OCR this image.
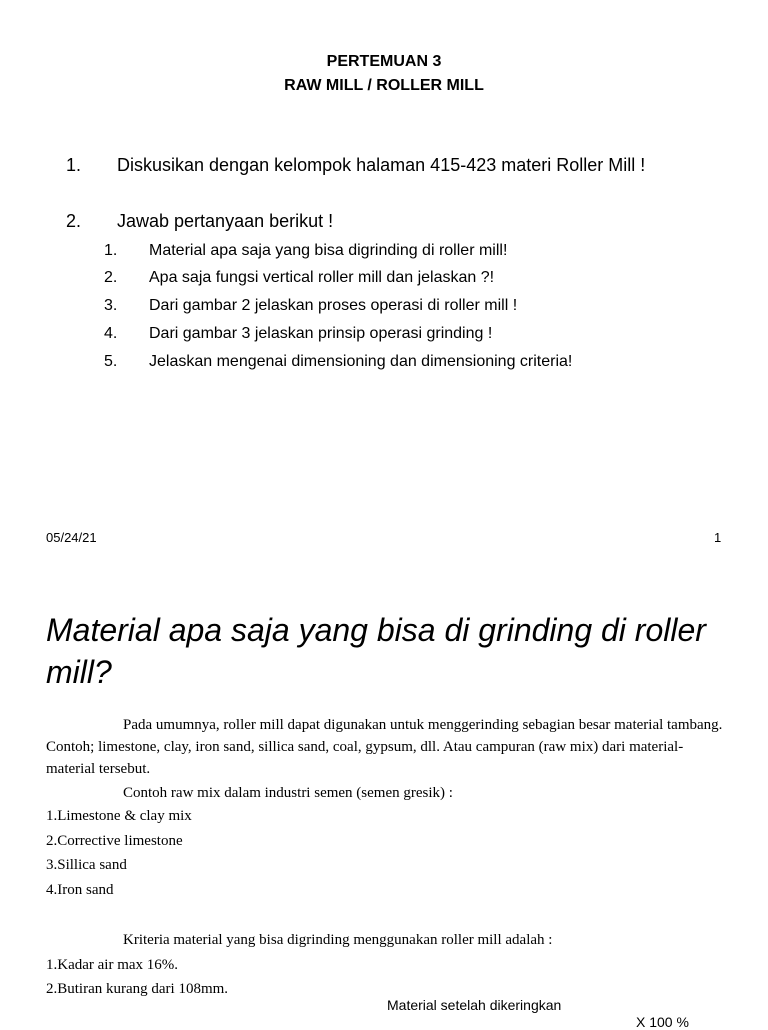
PERTEMUAN 3
RAW MILL / ROLLER MILL
1. Diskusikan dengan kelompok halaman 415-423 materi Roller Mill !
2. Jawab pertanyaan berikut !
1. Material apa saja yang bisa digrinding di roller mill!
2. Apa saja fungsi vertical roller mill dan jelaskan ?!
3. Dari gambar 2 jelaskan proses operasi di roller mill !
4. Dari gambar 3 jelaskan prinsip operasi grinding !
5. Jelaskan mengenai dimensioning dan dimensioning criteria!
05/24/21	1
Material apa saja yang bisa di grinding di roller mill?
Pada umumnya, roller mill dapat digunakan untuk menggerinding sebagian besar material tambang. Contoh; limestone, clay, iron sand, sillica sand, coal, gypsum, dll. Atau campuran (raw mix) dari material- material tersebut.
Contoh raw mix dalam industri semen (semen gresik) :
1.Limestone & clay mix
2.Corrective limestone
3.Sillica sand
4.Iron sand
Kriteria material yang bisa digrinding menggunakan roller mill adalah :
1.Kadar air max 16%.
2.Butiran kurang dari 108mm.
Material setelah dikeringkan
X 100 %
